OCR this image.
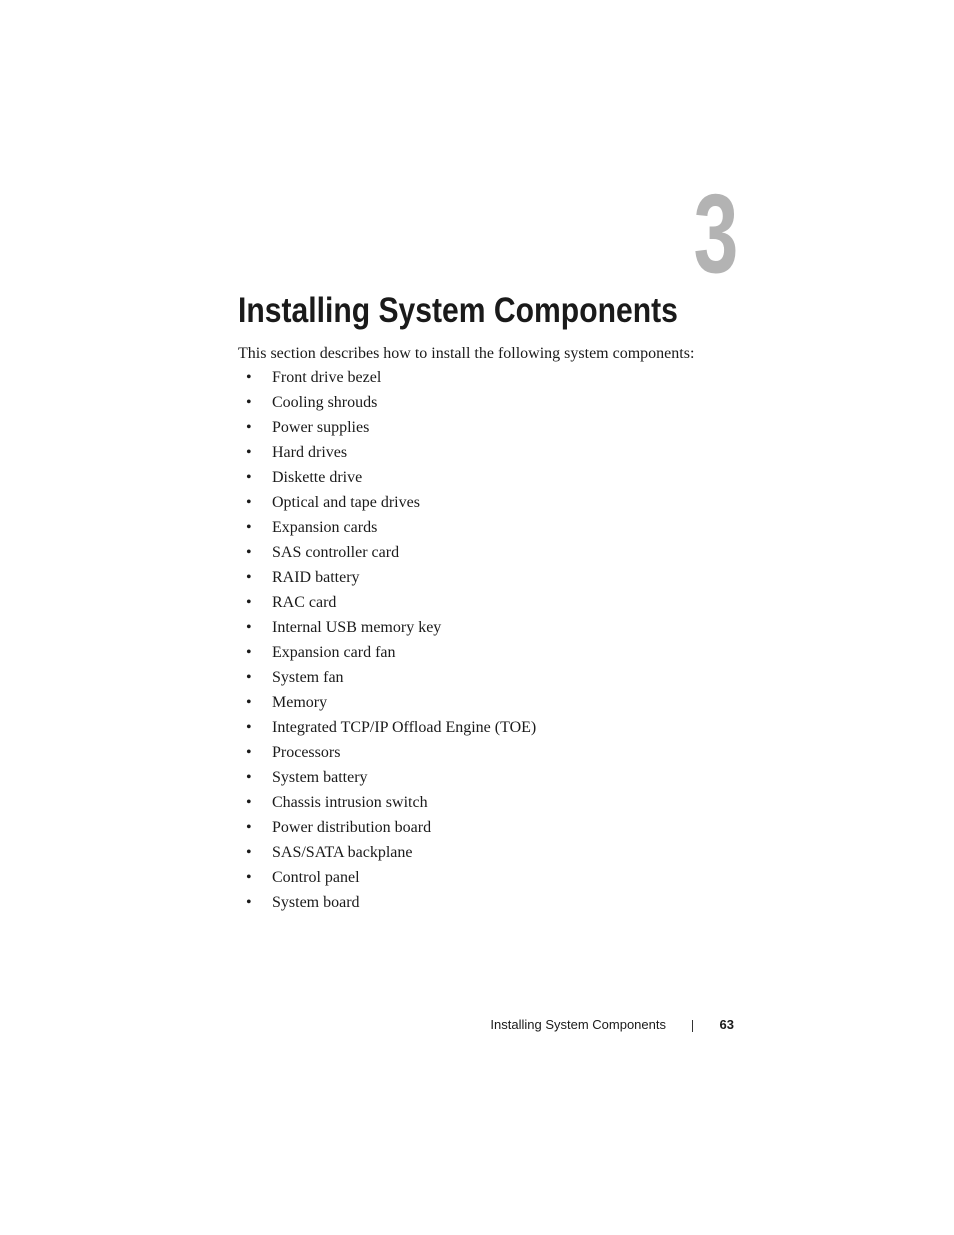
3
Installing System Components

This section describes how to install the following system components:

• Front drive bezel
• Cooling shrouds
• Power supplies
• Hard drives
• Diskette drive
• Optical and tape drives
• Expansion cards
• SAS controller card
• RAID battery
• RAC card
• Internal USB memory key
• Expansion card fan
• System fan
• Memory
• Integrated TCP/IP Offload Engine (TOE)
• Processors
• System battery
• Chassis intrusion switch
• Power distribution board
• SAS/SATA backplane
• Control panel
• System board
Installing System Components	63
